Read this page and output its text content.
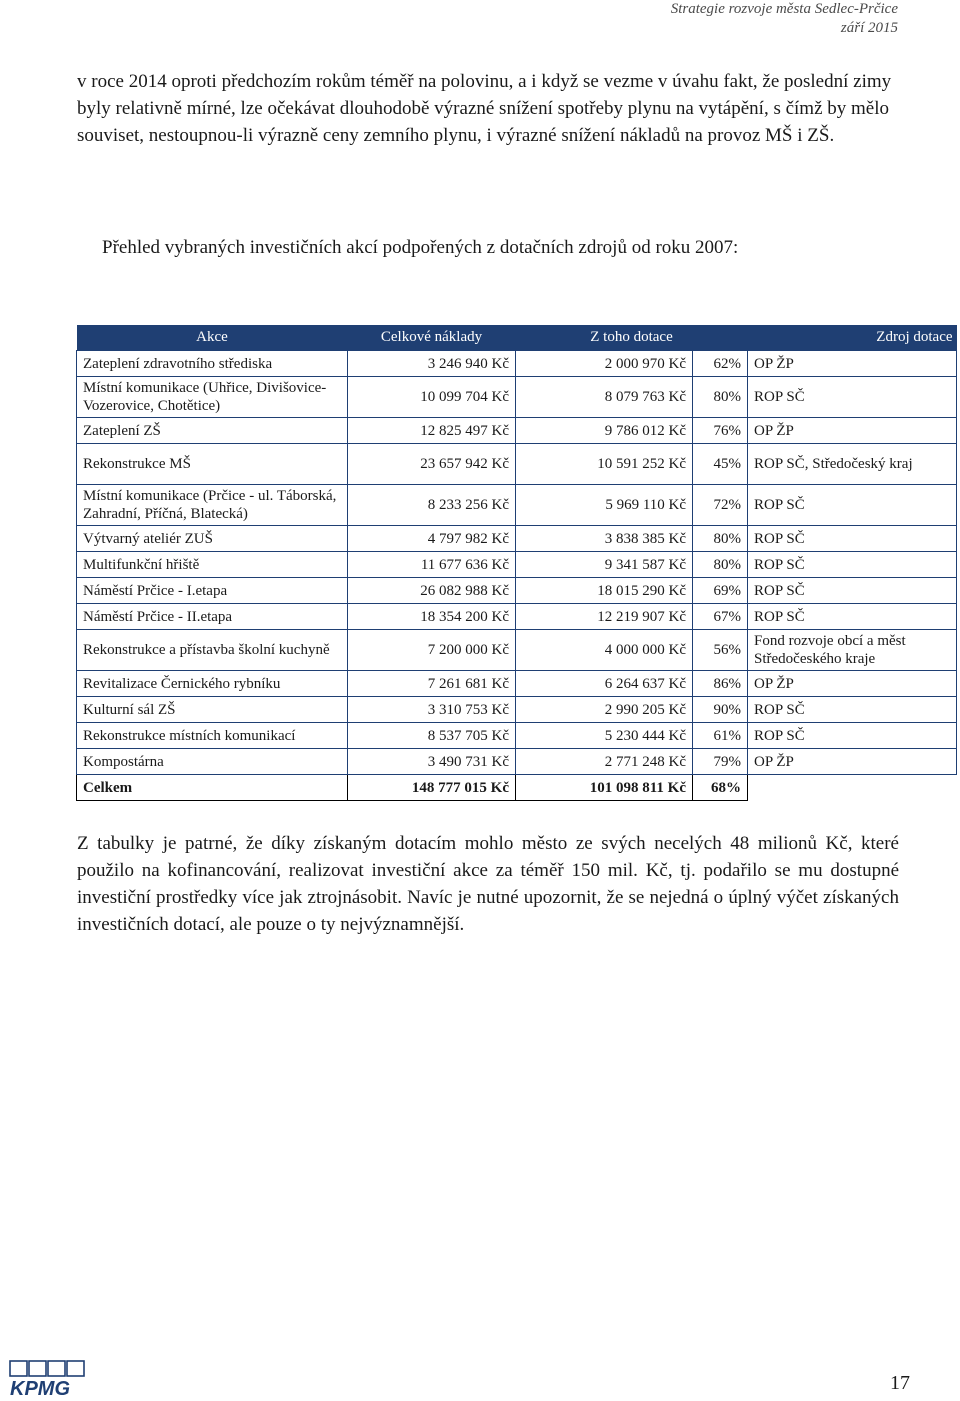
Strategie rozvoje města Sedlec-Prčice
září 2015

v roce 2014 oproti předchozím rokům téměř na polovinu, a i když se vezme v úvahu fakt, že poslední zimy byly relativně mírné, lze očekávat dlouhodobě výrazné snížení spotřeby plynu na vytápění, s čímž by mělo souviset, nestoupnou-li výrazně ceny zemního plynu, i výrazné snížení nákladů na provoz MŠ i ZŠ.

Přehled vybraných investičních akcí podpořených z dotačních zdrojů od roku 2007:

Akce	Celkové náklady	Z toho dotace		Zdroj dotace
Zateplení zdravotního střediska	3 246 940 Kč	2 000 970 Kč	62%	OP ŽP
Místní komunikace (Uhřice, Divišovice-Vozerovice, Chotětice)	10 099 704 Kč	8 079 763 Kč	80%	ROP SČ
Zateplení ZŠ	12 825 497 Kč	9 786 012 Kč	76%	OP ŽP
Rekonstrukce MŠ	23 657 942 Kč	10 591 252 Kč	45%	ROP SČ, Středočeský kraj
Místní komunikace (Prčice - ul. Táborská, Zahradní, Příčná, Blatecká)	8 233 256 Kč	5 969 110 Kč	72%	ROP SČ
Výtvarný ateliér ZUŠ	4 797 982 Kč	3 838 385 Kč	80%	ROP SČ
Multifunkční hřiště	11 677 636 Kč	9 341 587 Kč	80%	ROP SČ
Náměstí Prčice - I.etapa	26 082 988 Kč	18 015 290 Kč	69%	ROP SČ
Náměstí Prčice - II.etapa	18 354 200 Kč	12 219 907 Kč	67%	ROP SČ
Rekonstrukce a přístavba školní kuchyně	7 200 000 Kč	4 000 000 Kč	56%	Fond rozvoje obcí a měst Středočeského kraje
Revitalizace Černického rybníku	7 261 681 Kč	6 264 637 Kč	86%	OP ŽP
Kulturní sál ZŠ	3 310 753 Kč	2 990 205 Kč	90%	ROP SČ
Rekonstrukce místních komunikací	8 537 705 Kč	5 230 444 Kč	61%	ROP SČ
Kompostárna	3 490 731 Kč	2 771 248 Kč	79%	OP ŽP
Celkem	148 777 015 Kč	101 098 811 Kč	68%	

Z tabulky je patrné, že díky získaným dotacím mohlo město ze svých necelých 48 milionů Kč, které použilo na kofinancování, realizovat investiční akce za téměř 150 mil. Kč, tj. podařilo se mu dostupné investiční prostředky více jak ztrojnásobit. Navíc je nutné upozornit, že se nejedná o úplný výčet získaných investičních dotací, ale pouze o ty nejvýznamnější.

KPMG	17
